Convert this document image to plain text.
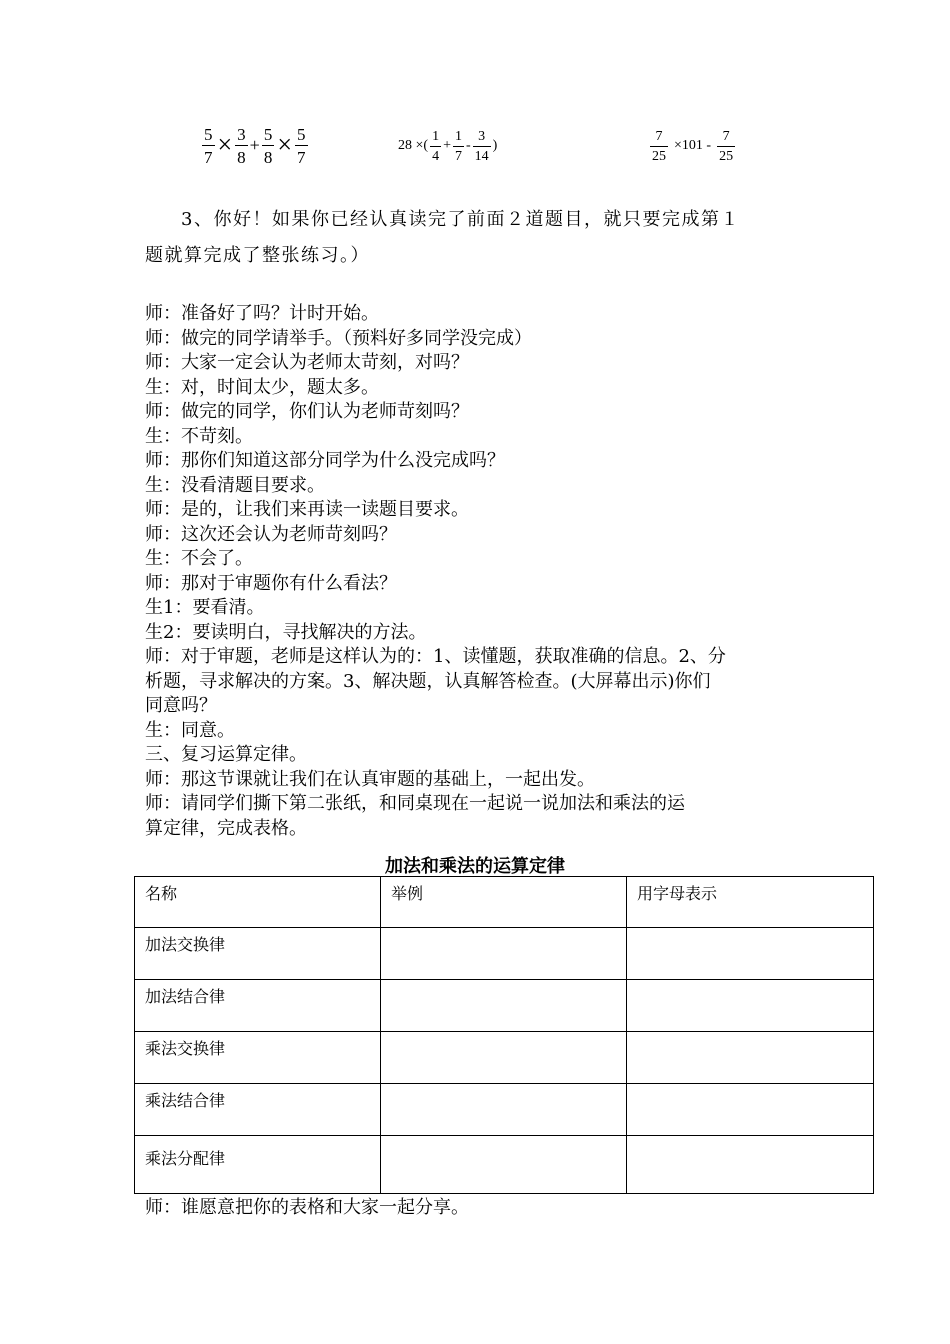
$\frac{5}{7} \times \frac{3}{8} + \frac{5}{8} \times \frac{5}{7}$	28 ×( $\frac{1}{4} + \frac{1}{7} - \frac{3}{14}$ )	$\frac{7}{25} \times 101 - \frac{7}{25}$
3、你好！如果你已经认真读完了前面２道题目，就只要完成第１
题就算完成了整张练习。）
师：准备好了吗？计时开始。
师：做完的同学请举手。（预料好多同学没完成）
师：大家一定会认为老师太苛刻，对吗？
生：对，时间太少，题太多。
师：做完的同学，你们认为老师苛刻吗？
生：不苛刻。
师：那你们知道这部分同学为什么没完成吗？
生：没看清题目要求。
师：是的，让我们来再读一读题目要求。
师：这次还会认为老师苛刻吗？
生：不会了。
师：那对于审题你有什么看法？
生1：要看清。
生2：要读明白，寻找解决的方法。
师：对于审题，老师是这样认为的：1、读懂题，获取准确的信息。2、分
析题，寻求解决的方案。3、解决题，认真解答检查。(大屏幕出示)你们
同意吗？
生：同意。
三、复习运算定律。
师：那这节课就让我们在认真审题的基础上，一起出发。
师：请同学们撕下第二张纸，和同桌现在一起说一说加法和乘法的运
算定律，完成表格。
加法和乘法的运算定律
名称	举例	用字母表示
加法交换律		
加法结合律		
乘法交换律		
乘法结合律		
乘法分配律		
师：谁愿意把你的表格和大家一起分享。
